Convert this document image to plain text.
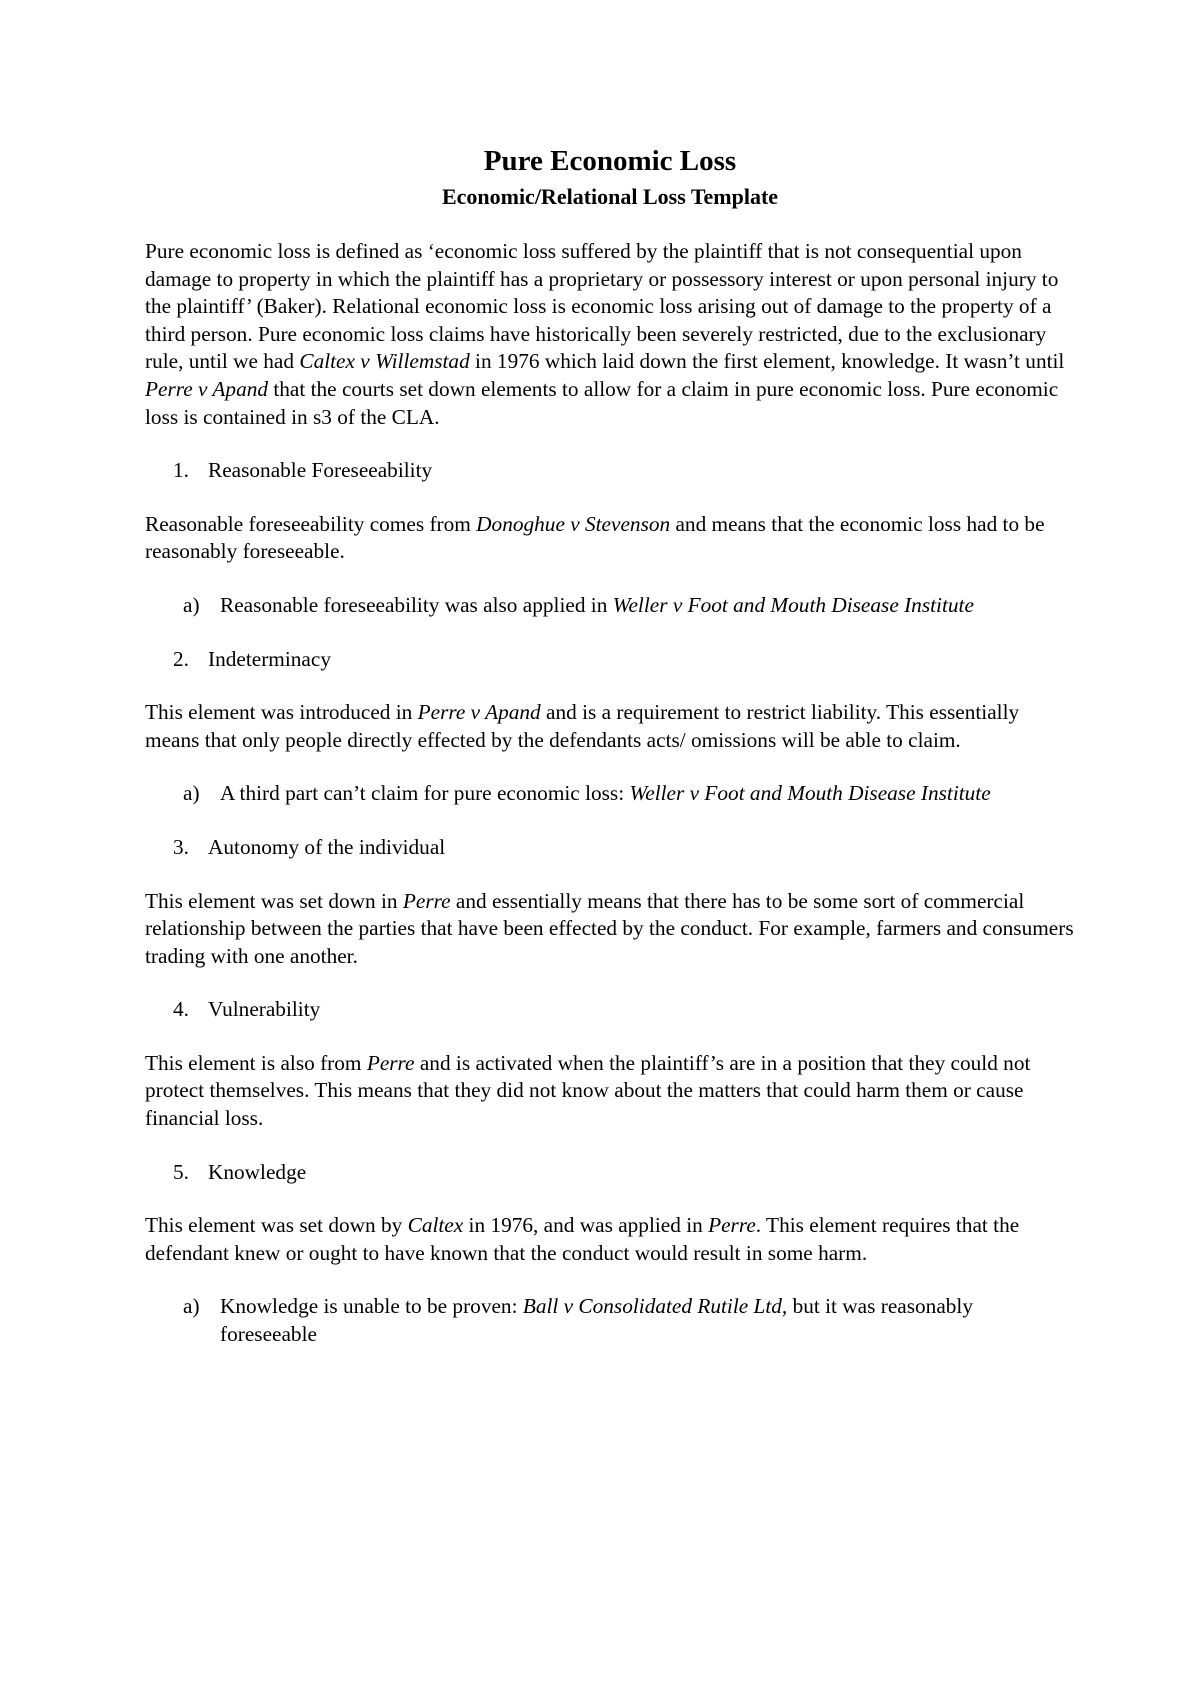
Pure Economic Loss
Economic/Relational Loss Template

Pure economic loss is defined as ‘economic loss suffered by the plaintiff that is not consequential upon damage to property in which the plaintiff has a proprietary or possessory interest or upon personal injury to the plaintiff’ (Baker). Relational economic loss is economic loss arising out of damage to the property of a third person. Pure economic loss claims have historically been severely restricted, due to the exclusionary rule, until we had Caltex v Willemstad in 1976 which laid down the first element, knowledge. It wasn’t until Perre v Apand that the courts set down elements to allow for a claim in pure economic loss. Pure economic loss is contained in s3 of the CLA.

1. Reasonable Foreseeability

Reasonable foreseeability comes from Donoghue v Stevenson and means that the economic loss had to be reasonably foreseeable.

a) Reasonable foreseeability was also applied in Weller v Foot and Mouth Disease Institute
2. Indeterminacy

This element was introduced in Perre v Apand and is a requirement to restrict liability. This essentially means that only people directly effected by the defendants acts/ omissions will be able to claim.

a) A third part can’t claim for pure economic loss: Weller v Foot and Mouth Disease Institute
3. Autonomy of the individual

This element was set down in Perre and essentially means that there has to be some sort of commercial relationship between the parties that have been effected by the conduct. For example, farmers and consumers trading with one another.

4. Vulnerability

This element is also from Perre and is activated when the plaintiff’s are in a position that they could not protect themselves. This means that they did not know about the matters that could harm them or cause financial loss.

5. Knowledge

This element was set down by Caltex in 1976, and was applied in Perre. This element requires that the defendant knew or ought to have known that the conduct would result in some harm.

a) Knowledge is unable to be proven: Ball v Consolidated Rutile Ltd, but it was reasonably foreseeable
